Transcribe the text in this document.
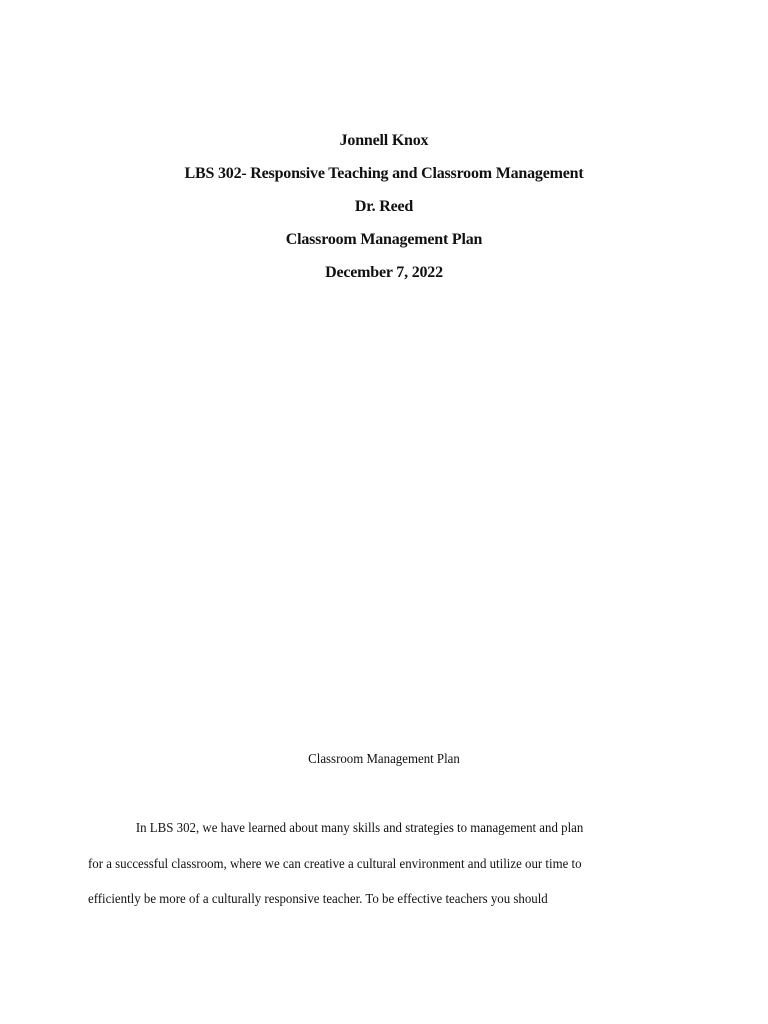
Jonnell Knox

LBS 302- Responsive Teaching and Classroom Management

Dr. Reed

Classroom Management Plan

December 7, 2022

Classroom Management Plan

In LBS 302, we have learned about many skills and strategies to management and plan
for a successful classroom, where we can creative a cultural environment and utilize our time to
efficiently be more of a culturally responsive teacher. To be effective teachers you should
